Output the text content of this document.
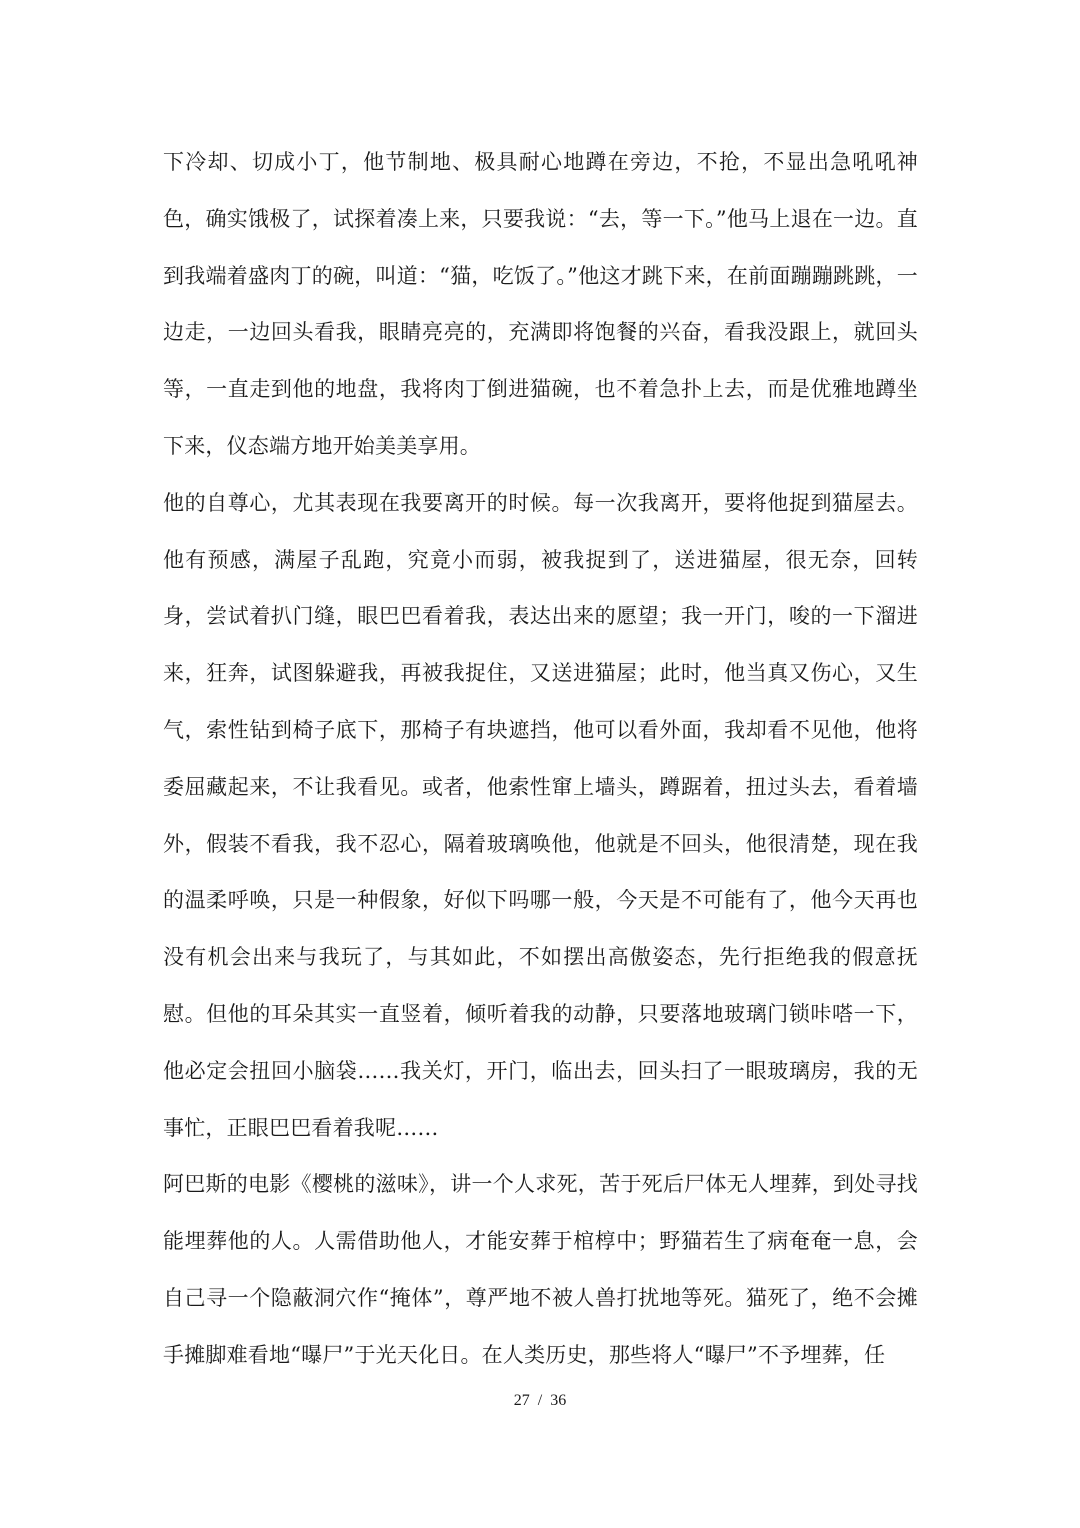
下冷却、切成小丁，他节制地、极具耐心地蹲在旁边，不抢，不显出急吼吼神色，确实饿极了，试探着凑上来，只要我说：“去，等一下。”他马上退在一边。直到我端着盛肉丁的碗，叫道：“猫，吃饭了。”他这才跳下来，在前面蹦蹦跳跳，一边走，一边回头看我，眼睛亮亮的，充满即将饱餐的兴奋，看我没跟上，就回头等，一直走到他的地盘，我将肉丁倒进猫碗，也不着急扑上去，而是优雅地蹲坐下来，仪态端方地开始美美享用。

他的自尊心，尤其表现在我要离开的时候。每一次我离开，要将他捉到猫屋去。他有预感，满屋子乱跑，究竟小而弱，被我捉到了，送进猫屋，很无奈，回转身，尝试着扒门缝，眼巴巴看着我，表达出来的愿望；我一开门，唆的一下溜进来，狂奔，试图躲避我，再被我捉住，又送进猫屋；此时，他当真又伤心，又生气，索性钻到椅子底下，那椅子有块遮挡，他可以看外面，我却看不见他，他将委屈藏起来，不让我看见。或者，他索性窜上墙头，蹲踞着，扭过头去，看着墙外，假装不看我，我不忍心，隔着玻璃唤他，他就是不回头，他很清楚，现在我的温柔呼唤，只是一种假象，好似下吗哪一般，今天是不可能有了，他今天再也没有机会出来与我玩了，与其如此，不如摆出高傲姿态，先行拒绝我的假意抚慰。但他的耳朵其实一直竖着，倾听着我的动静，只要落地玻璃门锁咔嗒一下，他必定会扭回小脑袋……我关灯，开门，临出去，回头扫了一眼玻璃房，我的无事忙，正眼巴巴看着我呢……

阿巴斯的电影《樱桃的滋味》，讲一个人求死，苦于死后尸体无人埋葬，到处寻找能埋葬他的人。人需借助他人，才能安葬于棺椁中；野猫若生了病奄奄一息，会自己寻一个隐蔽洞穴作“掩体”，尊严地不被人兽打扰地等死。猫死了，绝不会摊手摊脚难看地“曝尸”于光天化日。在人类历史，那些将人“曝尸”不予埋葬，任

27  /  36
